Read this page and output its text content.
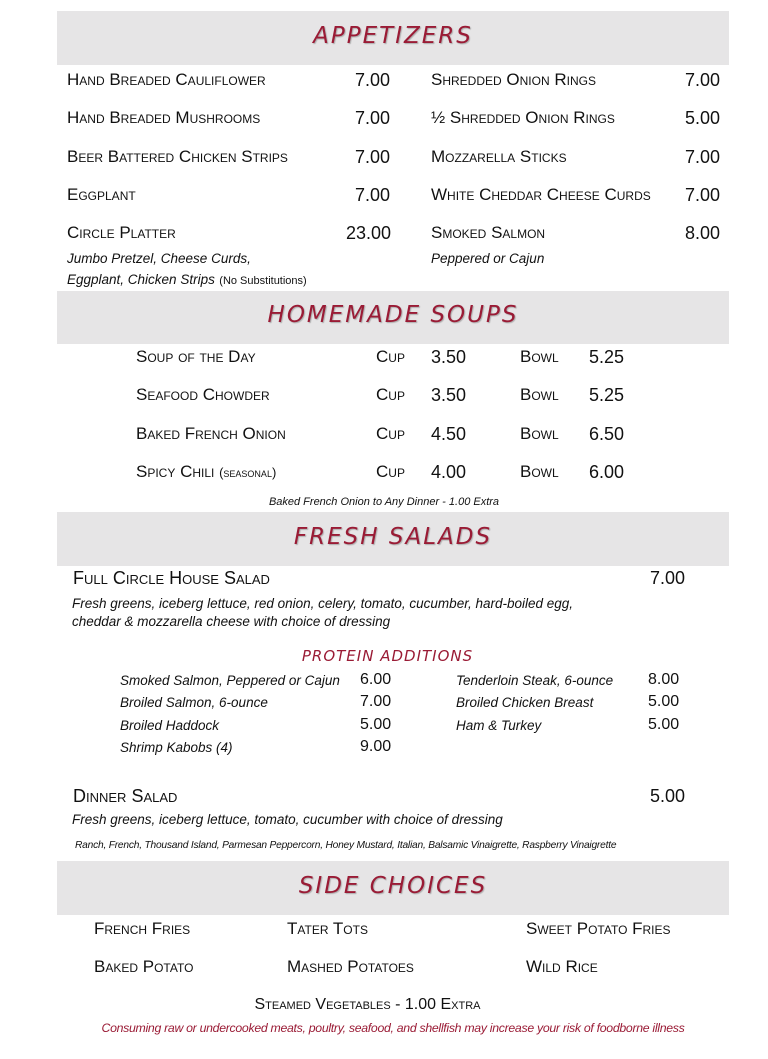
APPETIZERS
Hand Breaded Cauliflower	7.00
Hand Breaded Mushrooms	7.00
Beer Battered Chicken Strips	7.00
Eggplant	7.00
Circle Platter	23.00
Jumbo Pretzel, Cheese Curds,
Eggplant, Chicken Strips (No Substitutions)
Shredded Onion Rings	7.00
½ Shredded Onion Rings	5.00
Mozzarella Sticks	7.00
White Cheddar Cheese Curds 7.00
Smoked Salmon	8.00
Peppered or Cajun
HOMEMADE SOUPS
Soup of the Day	Cup 3.50	Bowl 5.25
Seafood Chowder	Cup 3.50	Bowl 5.25
Baked French Onion	Cup 4.50	Bowl 6.50
Spicy Chili (seasonal)	Cup 4.00	Bowl 6.00
Baked French Onion to Any Dinner - 1.00 Extra
FRESH SALADS
Full Circle House Salad	7.00
Fresh greens, iceberg lettuce, red onion, celery, tomato, cucumber, hard-boiled egg,
cheddar & mozzarella cheese with choice of dressing
PROTEIN ADDITIONS
Smoked Salmon, Peppered or Cajun 6.00
Broiled Salmon, 6-ounce	7.00
Broiled Haddock	5.00
Shrimp Kabobs (4)	9.00
Tenderloin Steak, 6-ounce 8.00
Broiled Chicken Breast	5.00
Ham & Turkey	5.00
Dinner Salad	5.00
Fresh greens, iceberg lettuce, tomato, cucumber with choice of dressing
Ranch, French, Thousand Island, Parmesan Peppercorn, Honey Mustard, Italian, Balsamic Vinaigrette, Raspberry Vinaigrette
SIDE CHOICES
French Fries	Tater Tots	Sweet Potato Fries
Baked Potato	Mashed Potatoes	Wild Rice
Steamed Vegetables - 1.00 Extra
Consuming raw or undercooked meats, poultry, seafood, and shellfish may increase your risk of foodborne illness
